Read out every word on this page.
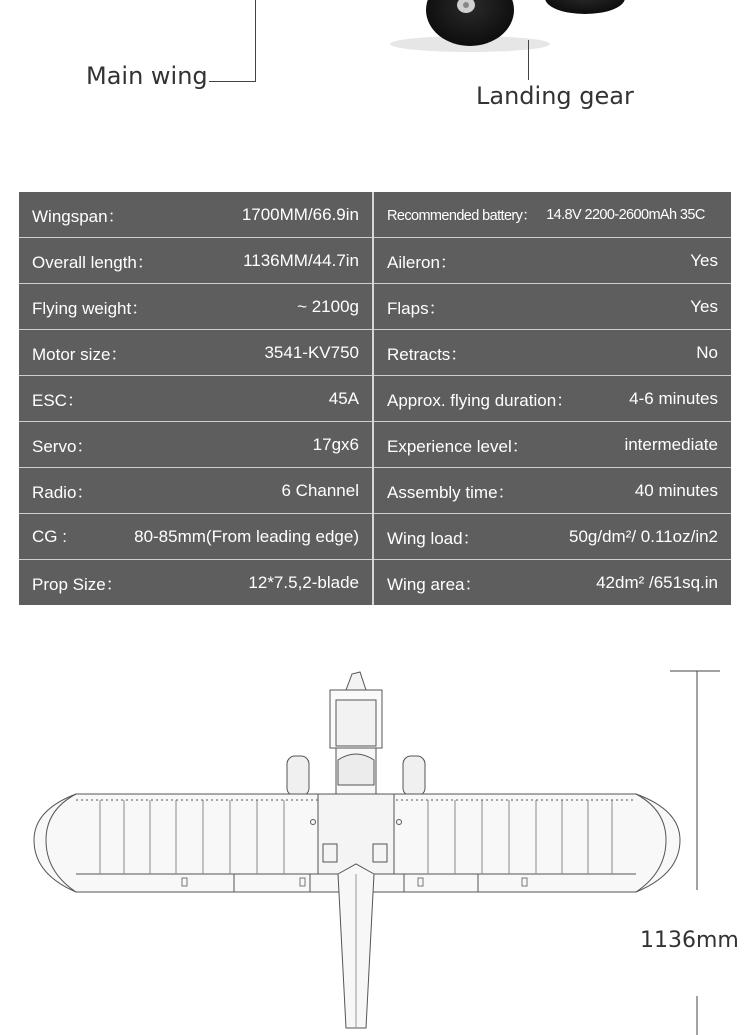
Main wing
Landing gear
Wingspan： 1700MM/66.9in	Recommended battery： 14.8V 2200-2600mAh 35C

Overall length： 1136MM/44.7in	Aileron： Yes

Flying weight： ~ 2100g	Flaps： Yes

Motor size： 3541-KV750	Retracts： No

ESC： 45A	Approx. flying duration： 4-6 minutes

Servo： 17gx6	Experience level： intermediate

Radio： 6 Channel	Assembly time： 40 minutes

CG : 80-85mm(From leading edge)	Wing load： 50g/dm²/ 0.11oz/in2

Prop Size： 12*7.5,2-blade	Wing area： 42dm² /651sq.in
1136mm
